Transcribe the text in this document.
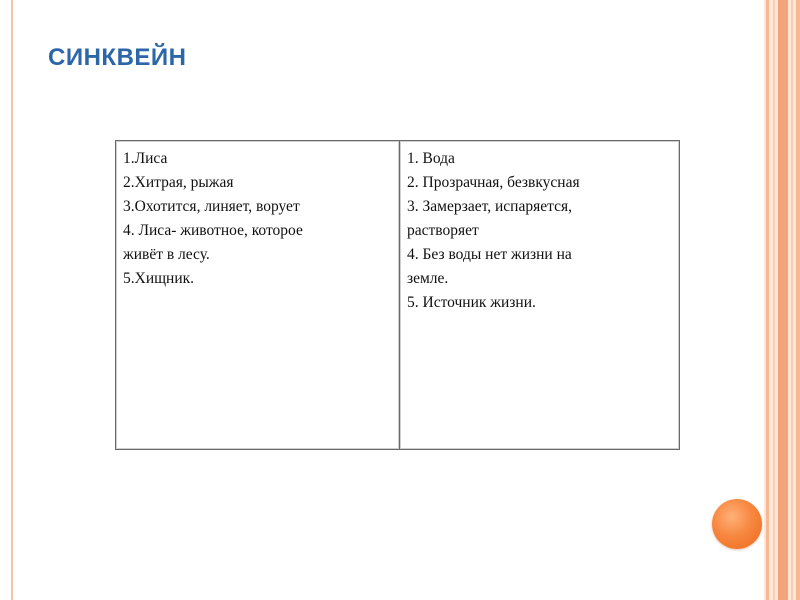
СИНКВЕЙН
1.Лиса
2.Хитрая, рыжая
3.Охотится, линяет, ворует
4. Лиса- животное, которое
живёт в лесу.
5.Хищник.

1. Вода
2. Прозрачная, безвкусная
3. Замерзает, испаряется,
растворяет
4. Без воды нет жизни на
земле.
5. Источник жизни.
